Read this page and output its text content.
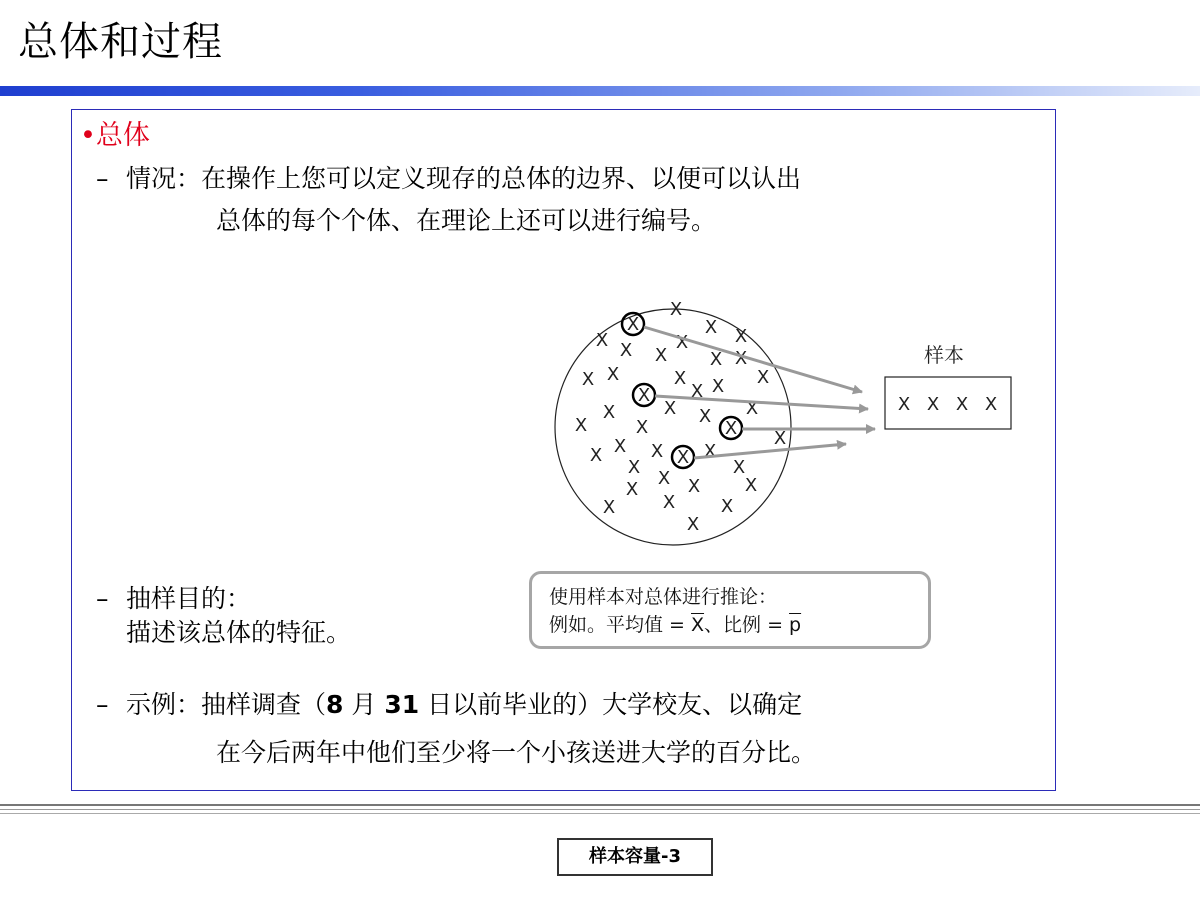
总体和过程
•总体
– 情况：在操作上您可以定义现存的总体的边界、以便可以认出
总体的每个个体、在理论上还可以进行编号。
X
X X
X X
X
X
X X
X X	X
X X
X
X
X
X
X X X
X
X
X	X
X
X
X
X X
X	X
X
X
X	X
X	X	X
X
样本
X X X X
– 抽样目的：
描述该总体的特征。
使用样本对总体进行推论：
例如。平均值 = $\overline{X}$、比例 = $\overline{p}$
– 示例：抽样调查（8 月 31 日以前毕业的）大学校友、以确定
在今后两年中他们至少将一个小孩送进大学的百分比。
样本容量-3
